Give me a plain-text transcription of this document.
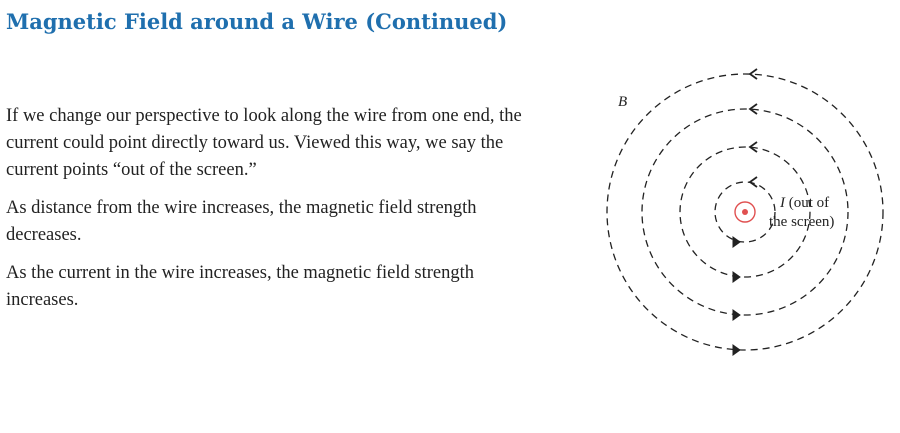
Magnetic Field around a Wire (Continued)

If we change our perspective to look along the wire from one end, the current could point directly toward us. Viewed this way, we say the current points “out of the screen.”

As distance from the wire increases, the magnetic field strength decreases.

As the current in the wire increases, the magnetic field strength increases.

B
I (out of
the screen)
